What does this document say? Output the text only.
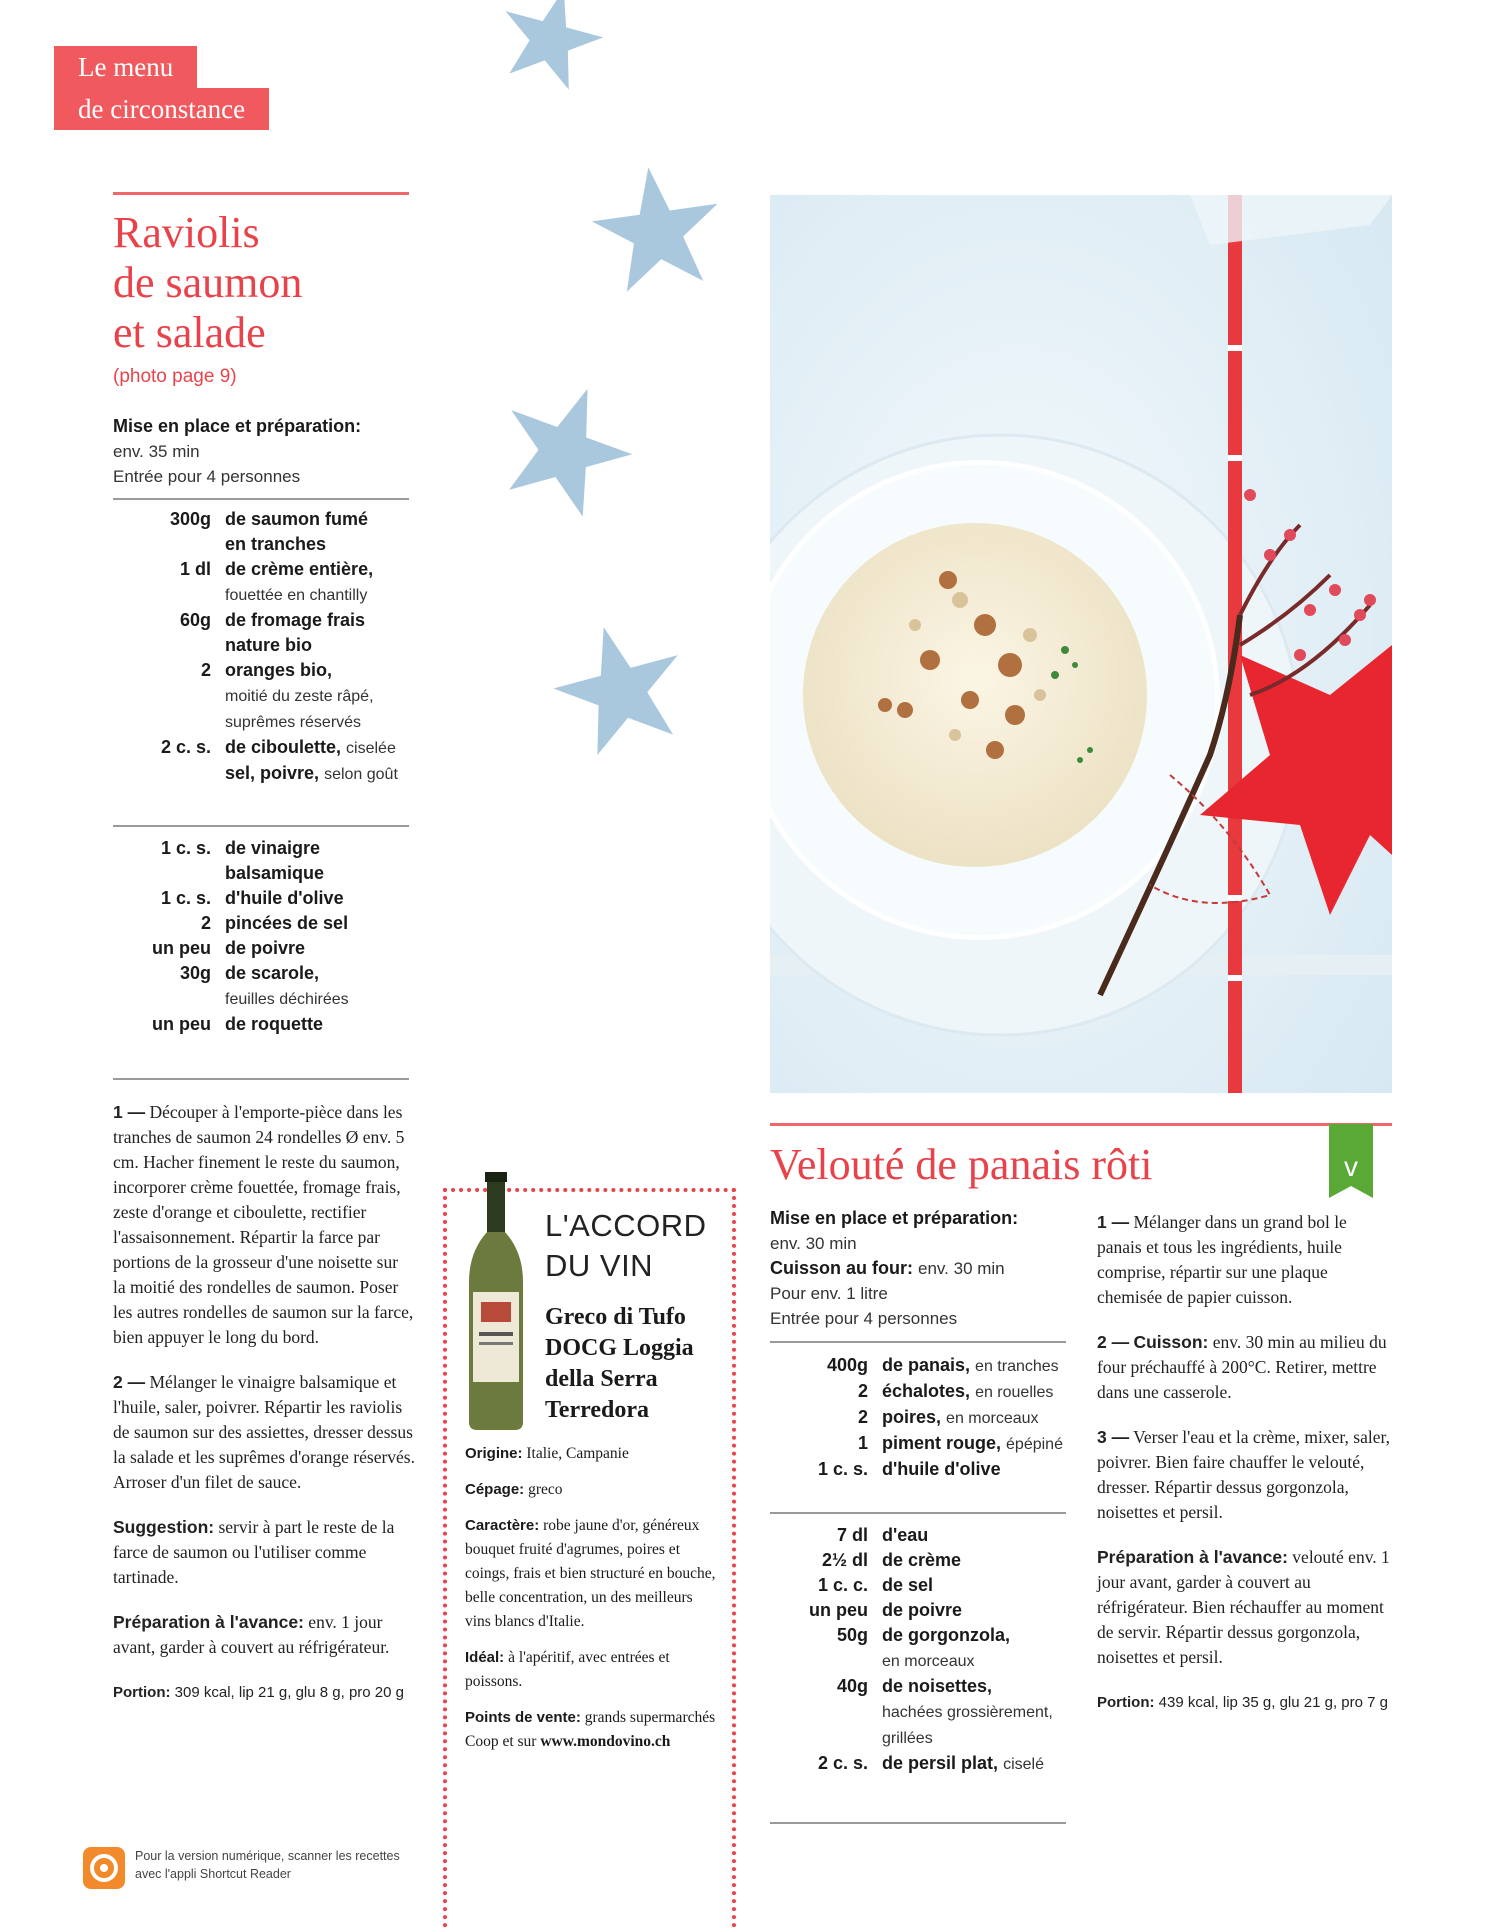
Le menu
de circonstance
Raviolis
de saumon
et salade
(photo page 9)
Mise en place et préparation:
env. 35 min
Entrée pour 4 personnes
300g de saumon fumé
en tranches
1 dl de crème entière,
fouettée en chantilly
60g de fromage frais
nature bio
2 oranges bio,
moitié du zeste râpé,
suprêmes réservés
2 c. s. de ciboulette, ciselée
sel, poivre, selon goût
1 c. s. de vinaigre
balsamique
1 c. s. d'huile d'olive
2 pincées de sel
un peu de poivre
30g de scarole,
feuilles déchirées
un peu de roquette

1 — Découper à l'emporte-pièce dans les tranches de saumon 24 rondelles Ø env. 5 cm. Hacher finement le reste du saumon, incorporer crème fouettée, fromage frais, zeste d'orange et ciboulette, rectifier l'assaisonnement. Répartir la farce par portions de la grosseur d'une noisette sur la moitié des rondelles de saumon. Poser les autres rondelles de saumon sur la farce, bien appuyer le long du bord.

2 — Mélanger le vinaigre balsamique et l'huile, saler, poivrer. Répartir les raviolis de saumon sur des assiettes, dresser dessus la salade et les suprêmes d'orange réservés. Arroser d'un filet de sauce.

Suggestion: servir à part le reste de la farce de saumon ou l'utiliser comme tartinade.

Préparation à l'avance: env. 1 jour avant, garder à couvert au réfrigérateur.

Portion: 309 kcal, lip 21 g, glu 8 g, pro 20 g

Pour la version numérique, scanner les recettes avec l'appli Shortcut Reader
L'ACCORD
DU VIN
Greco di Tufo
DOCG Loggia
della Serra
Terredora

Origine: Italie, Campanie

Cépage: greco

Caractère: robe jaune d'or, généreux bouquet fruité d'agrumes, poires et coings, frais et bien structuré en bouche, belle concentration, un des meilleurs vins blancs d'Italie.

Idéal: à l'apéritif, avec entrées et poissons.

Points de vente: grands supermarchés Coop et sur www.mondovino.ch

v
Velouté de panais rôti
Mise en place et préparation:
env. 30 min
Cuisson au four: env. 30 min
Pour env. 1 litre
Entrée pour 4 personnes
400g de panais, en tranches
2 échalotes, en rouelles
2 poires, en morceaux
1 piment rouge, épépiné
1 c. s. d'huile d'olive
7 dl d'eau
2½ dl de crème
1 c. c. de sel
un peu de poivre
50g de gorgonzola,
en morceaux
40g de noisettes,
hachées grossièrement,
grillées
2 c. s. de persil plat, ciselé

1 — Mélanger dans un grand bol le panais et tous les ingrédients, huile comprise, répartir sur une plaque chemisée de papier cuisson.

2 — Cuisson: env. 30 min au milieu du four préchauffé à 200°C. Retirer, mettre dans une casserole.

3 — Verser l'eau et la crème, mixer, saler, poivrer. Bien faire chauffer le velouté, dresser. Répartir dessus gorgonzola, noisettes et persil.

Préparation à l'avance: velouté env. 1 jour avant, garder à couvert au réfrigérateur. Bien réchauffer au moment de servir. Répartir dessus gorgonzola, noisettes et persil.

Portion: 439 kcal, lip 35 g, glu 21 g, pro 7 g
